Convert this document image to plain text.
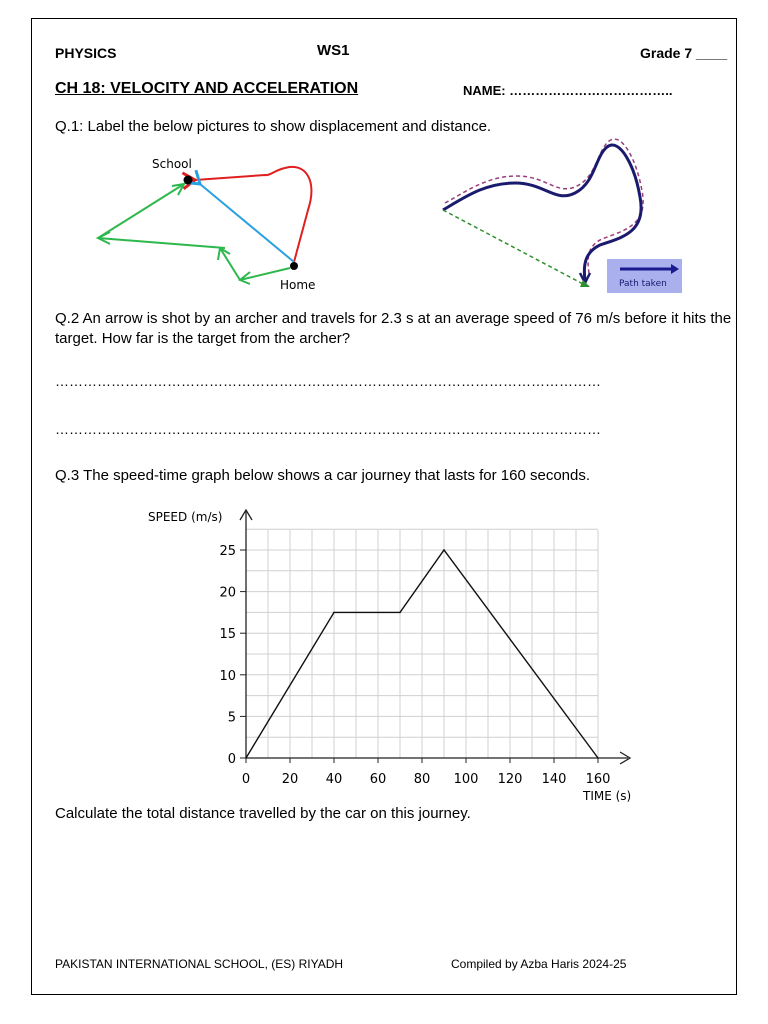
PHYSICS	WS1	Grade 7 ____
CH 18: VELOCITY AND ACCELERATION	NAME: ………………………………..
Q.1: Label the below pictures to show displacement and distance.
School
Home	Path taken
Q.2 An arrow is shot by an archer and travels for 2.3 s at an average speed of 76 m/s before it hits the target. How far is the target from the archer?
………………………………………………………………………………………………………
………………………………………………………………………………………………………
Q.3 The speed-time graph below shows a car journey that lasts for 160 seconds.
0 20 40 60 80 100 120 140 160
0
5
10
15
20
25
SPEED (m/s)
TIME (s)
Calculate the total distance travelled by the car on this journey.
PAKISTAN INTERNATIONAL SCHOOL, (ES) RIYADH	Compiled by Azba Haris 2024-25
